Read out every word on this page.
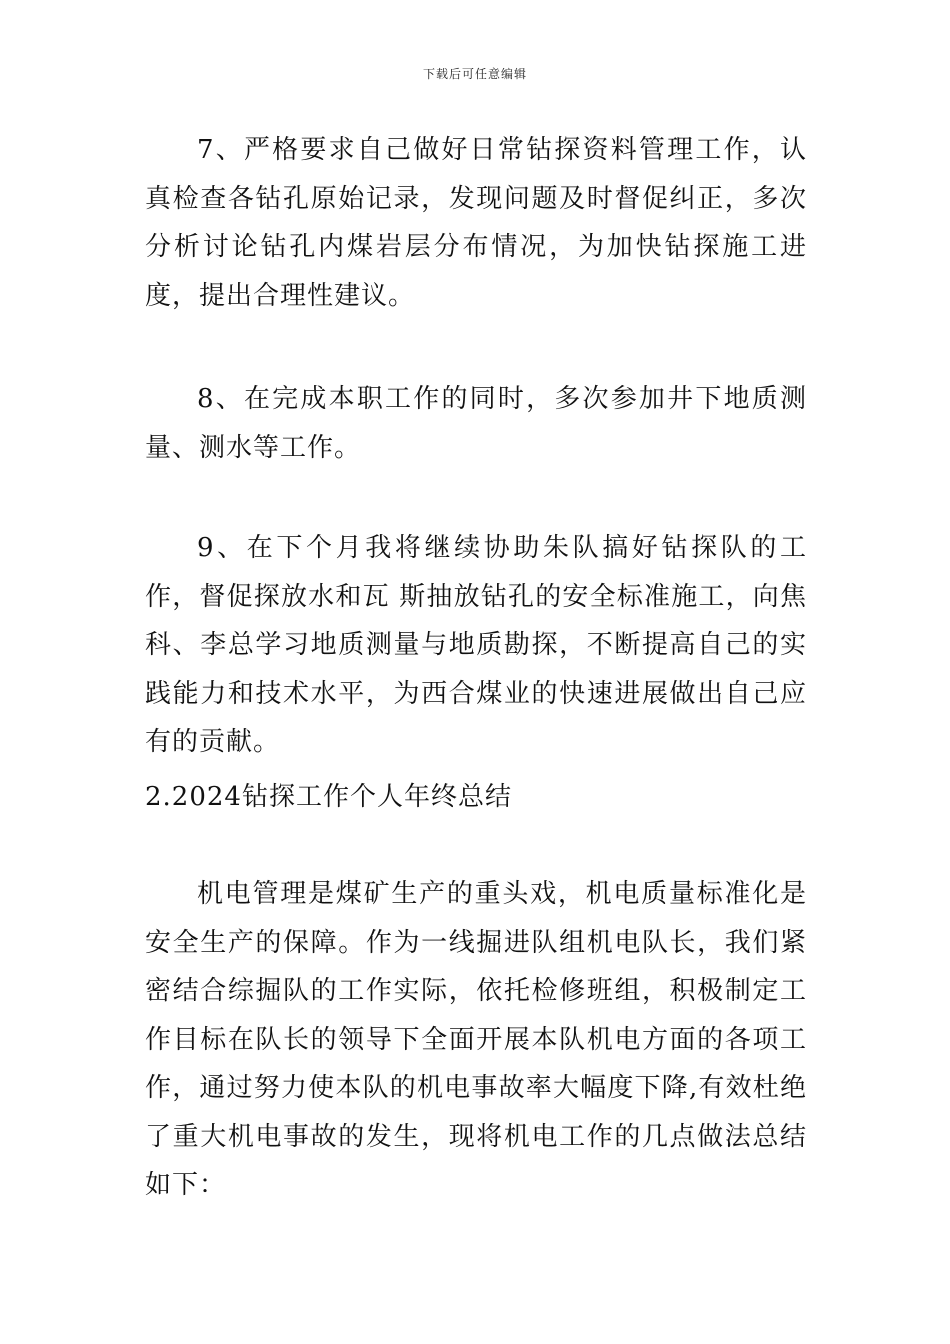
下载后可任意编辑

7、严格要求自己做好日常钻探资料管理工作，认真检查各钻孔原始记录，发现问题及时督促纠正，多次分析讨论钻孔内煤岩层分布情况，为加快钻探施工进度，提出合理性建议。

8、在完成本职工作的同时，多次参加井下地质测量、测水等工作。

9、在下个月我将继续协助朱队搞好钻探队的工作，督促探放水和瓦 斯抽放钻孔的安全标准施工，向焦科、李总学习地质测量与地质勘探，不断提高自己的实践能力和技术水平，为西合煤业的快速进展做出自己应有的贡献。

2.2024钻探工作个人年终总结

机电管理是煤矿生产的重头戏，机电质量标准化是安全生产的保障。作为一线掘进队组机电队长，我们紧密结合综掘队的工作实际，依托检修班组，积极制定工作目标在队长的领导下全面开展本队机电方面的各项工作，通过努力使本队的机电事故率大幅度下降,有效杜绝了重大机电事故的发生，现将机电工作的几点做法总结如下：
